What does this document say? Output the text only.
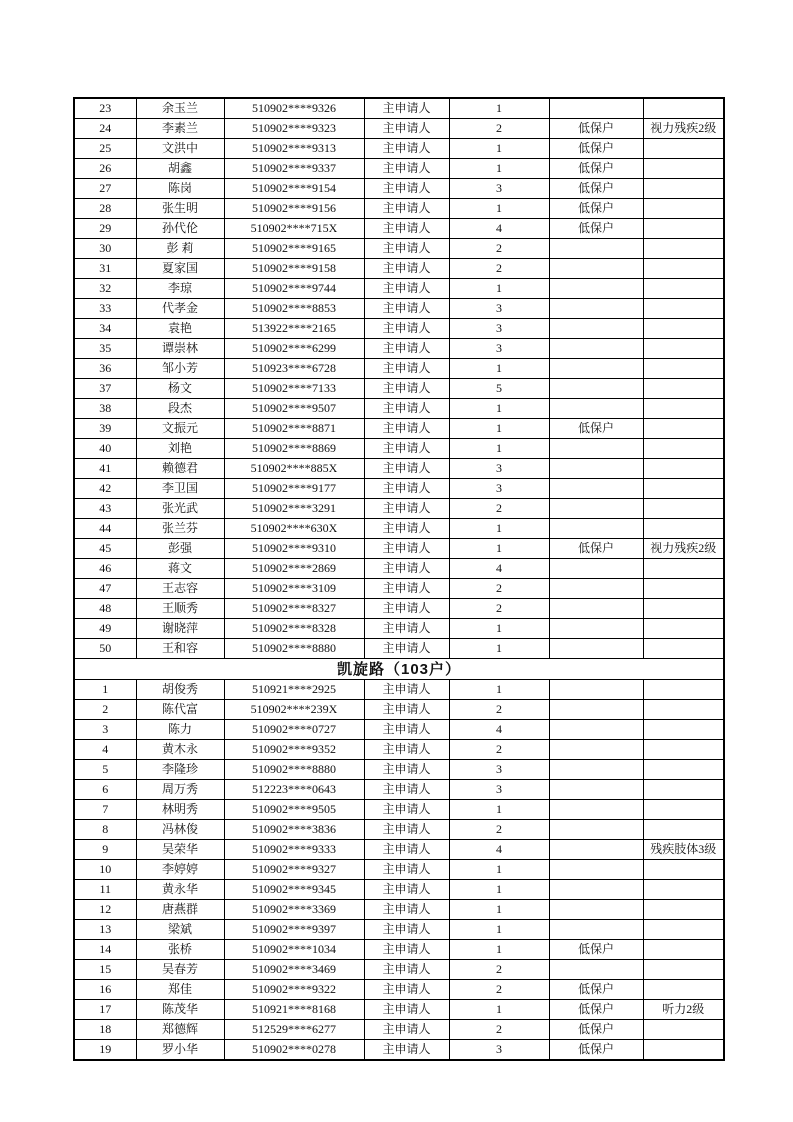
23	余玉兰	510902****9326	主申请人	1		
24	李素兰	510902****9323	主申请人	2	低保户	视力残疾2级
25	文洪中	510902****9313	主申请人	1	低保户	
26	胡鑫	510902****9337	主申请人	1	低保户	
27	陈岗	510902****9154	主申请人	3	低保户	
28	张生明	510902****9156	主申请人	1	低保户	
29	孙代伦	510902****715X	主申请人	4	低保户	
30	彭 莉	510902****9165	主申请人	2		
31	夏家国	510902****9158	主申请人	2		
32	李琼	510902****9744	主申请人	1		
33	代孝金	510902****8853	主申请人	3		
34	袁艳	513922****2165	主申请人	3		
35	谭崇林	510902****6299	主申请人	3		
36	邹小芳	510923****6728	主申请人	1		
37	杨文	510902****7133	主申请人	5		
38	段杰	510902****9507	主申请人	1		
39	文振元	510902****8871	主申请人	1	低保户	
40	刘艳	510902****8869	主申请人	1		
41	赖德君	510902****885X	主申请人	3		
42	李卫国	510902****9177	主申请人	3		
43	张光武	510902****3291	主申请人	2		
44	张兰芬	510902****630X	主申请人	1		
45	彭强	510902****9310	主申请人	1	低保户	视力残疾2级
46	蒋文	510902****2869	主申请人	4		
47	王志容	510902****3109	主申请人	2		
48	王顺秀	510902****8327	主申请人	2		
49	谢晓萍	510902****8328	主申请人	1		
50	王和容	510902****8880	主申请人	1		
凯旋路（103户）						
1	胡俊秀	510921****2925	主申请人	1		
2	陈代富	510902****239X	主申请人	2		
3	陈力	510902****0727	主申请人	4		
4	黄木永	510902****9352	主申请人	2		
5	李隆珍	510902****8880	主申请人	3		
6	周万秀	512223****0643	主申请人	3		
7	林明秀	510902****9505	主申请人	1		
8	冯林俊	510902****3836	主申请人	2		
9	吴荣华	510902****9333	主申请人	4		残疾肢体3级
10	李婷婷	510902****9327	主申请人	1		
11	黄永华	510902****9345	主申请人	1		
12	唐燕群	510902****3369	主申请人	1		
13	梁斌	510902****9397	主申请人	1		
14	张桥	510902****1034	主申请人	1	低保户	
15	吴春芳	510902****3469	主申请人	2		
16	郑佳	510902****9322	主申请人	2	低保户	
17	陈茂华	510921****8168	主申请人	1	低保户	听力2级
18	郑德辉	512529****6277	主申请人	2	低保户	
19	罗小华	510902****0278	主申请人	3	低保户	
